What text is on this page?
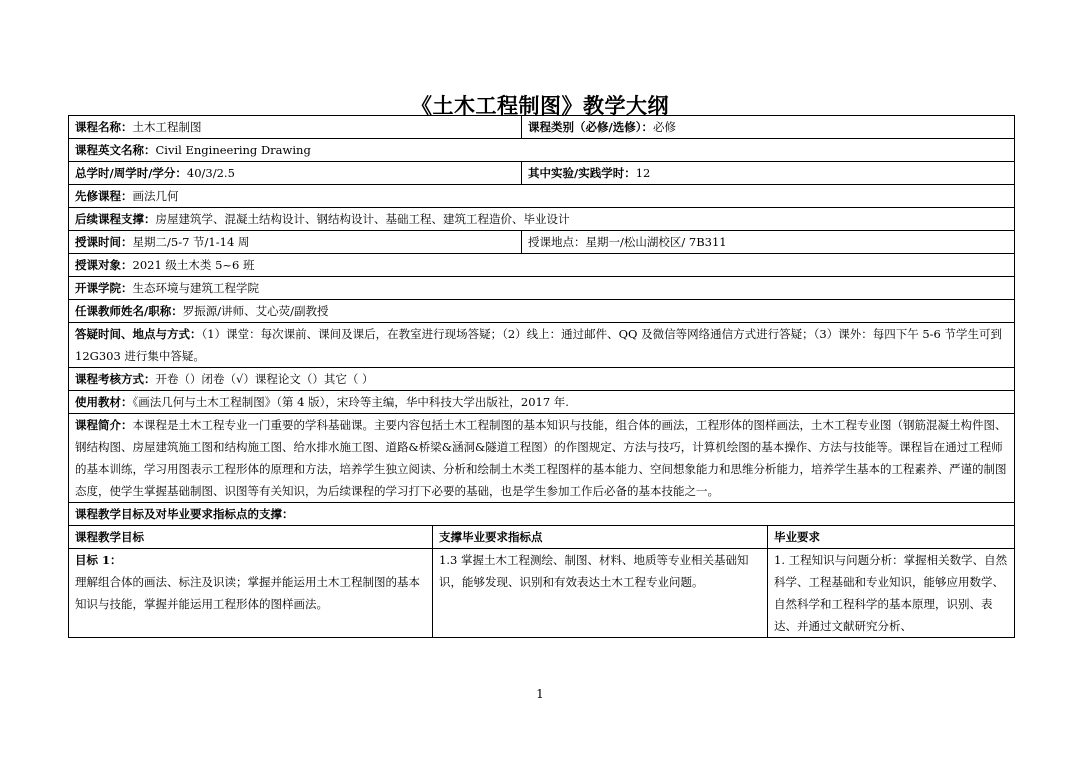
《土木工程制图》教学大纲
课程名称：土木工程制图		课程类别（必修/选修）：必修	
课程英文名称：Civil Engineering Drawing			
总学时/周学时/学分：40/3/2.5		其中实验/实践学时：12	
先修课程：画法几何			
后续课程支撑：房屋建筑学、混凝土结构设计、钢结构设计、基础工程、建筑工程造价、毕业设计			
授课时间：星期二/5-7 节/1-14 周		授课地点：星期一/松山湖校区/ 7B311	
授课对象：2021 级土木类 5~6 班			
开课学院：生态环境与建筑工程学院			
任课教师姓名/职称：罗振源/讲师、艾心荧/副教授			
答疑时间、地点与方式：（1）课堂：每次课前、课间及课后，在教室进行现场答疑；（2）线上：通过邮件、QQ 及微信等网络通信方式进行答疑；（3）课外：每四下午 5-6 节学生可到 12G303 进行集中答疑。			
课程考核方式：开卷（）闭卷（√）课程论文（）其它（ ）			
使用教材：《画法几何与土木工程制图》（第 4 版），宋玲等主编，华中科技大学出版社，2017 年.			
课程简介：本课程是土木工程专业一门重要的学科基础课。主要内容包括土木工程制图的基本知识与技能，组合体的画法，工程形体的图样画法，土木工程专业图（钢筋混凝土构件图、钢结构图、房屋建筑施工图和结构施工图、给水排水施工图、道路&桥梁&涵洞&隧道工程图）的作图规定、方法与技巧，计算机绘图的基本操作、方法与技能等。课程旨在通过工程师的基本训练，学习用图表示工程形体的原理和方法，培养学生独立阅读、分析和绘制土木类工程图样的基本能力、空间想象能力和思维分析能力，培养学生基本的工程素养、严谨的制图态度，使学生掌握基础制图、识图等有关知识，为后续课程的学习打下必要的基础，也是学生参加工作后必备的基本技能之一。			
课程教学目标及对毕业要求指标点的支撑：			
课程教学目标	支撑毕业要求指标点		毕业要求

目标 1：
理解组合体的画法、标注及识读；掌握并能运用土木工程制图的基本知识与技能，掌握并能运用工程形体的图样画法。	1.3 掌握土木工程测绘、制图、材料、地质等专业相关基础知识，能够发现、识别和有效表达土木工程专业问题。		1. 工程知识与问题分析：掌握相关数学、自然科学、工程基础和专业知识，能够应用数学、自然科学和工程科学的基本原理，识别、表达、并通过文献研究分析、
1
